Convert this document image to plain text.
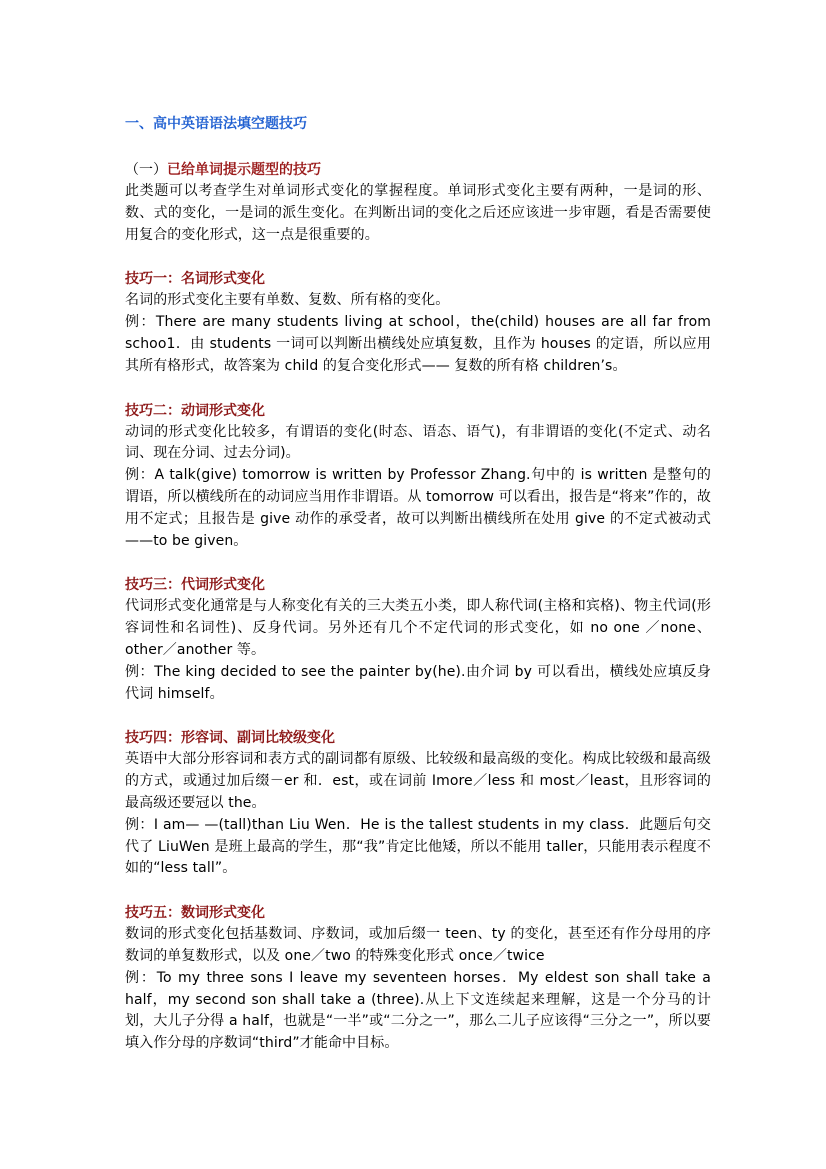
一、高中英语语法填空题技巧

（一）已给单词提示题型的技巧

此类题可以考查学生对单词形式变化的掌握程度。单词形式变化主要有两种，一是词的形、数、式的变化，一是词的派生变化。在判断出词的变化之后还应该进一步审题，看是否需要使用复合的变化形式，这一点是很重要的。

技巧一：名词形式变化

名词的形式变化主要有单数、复数、所有格的变化。

例：There are many students living at school，the(child) houses are all far from schoo1．由 students 一词可以判断出横线处应填复数，且作为 houses 的定语，所以应用其所有格形式，故答案为 child 的复合变化形式—— 复数的所有格 children’s。

技巧二：动词形式变化

动词的形式变化比较多，有谓语的变化(时态、语态、语气)，有非谓语的变化(不定式、动名词、现在分词、过去分词)。

例：A talk(give) tomorrow is written by Professor Zhang.句中的 is written 是整句的谓语，所以横线所在的动词应当用作非谓语。从 tomorrow 可以看出，报告是“将来”作的，故用不定式；且报告是 give 动作的承受者，故可以判断出横线所在处用 give 的不定式被动式——to be given。

技巧三：代词形式变化

代词形式变化通常是与人称变化有关的三大类五小类，即人称代词(主格和宾格)、物主代词(形容词性和名词性)、反身代词。另外还有几个不定代词的形式变化，如 no one ／none、other／another 等。

例：The king decided to see the painter by(he).由介词 by 可以看出，横线处应填反身代词 himself。

技巧四：形容词、副词比较级变化

英语中大部分形容词和表方式的副词都有原级、比较级和最高级的变化。构成比较级和最高级的方式，或通过加后缀－er 和．est，或在词前 Imore／less 和 most／least，且形容词的最高级还要冠以 the。

例：I am— —(tall)than Liu Wen．He is the tallest students in my class．此题后句交代了 LiuWen 是班上最高的学生，那“我”肯定比他矮，所以不能用 taller，只能用表示程度不如的“less tall”。

技巧五：数词形式变化

数词的形式变化包括基数词、序数词，或加后缀一 teen、ty 的变化，甚至还有作分母用的序数词的单复数形式，以及 one／two 的特殊变化形式 once／twice

例：To my three sons I leave my seventeen horses．My eldest son shall take a half，my second son shall take a (three).从上下文连续起来理解，这是一个分马的计划，大儿子分得 a half，也就是“一半”或“二分之一”，那么二儿子应该得“三分之一”，所以要填入作分母的序数词“third”才能命中目标。
